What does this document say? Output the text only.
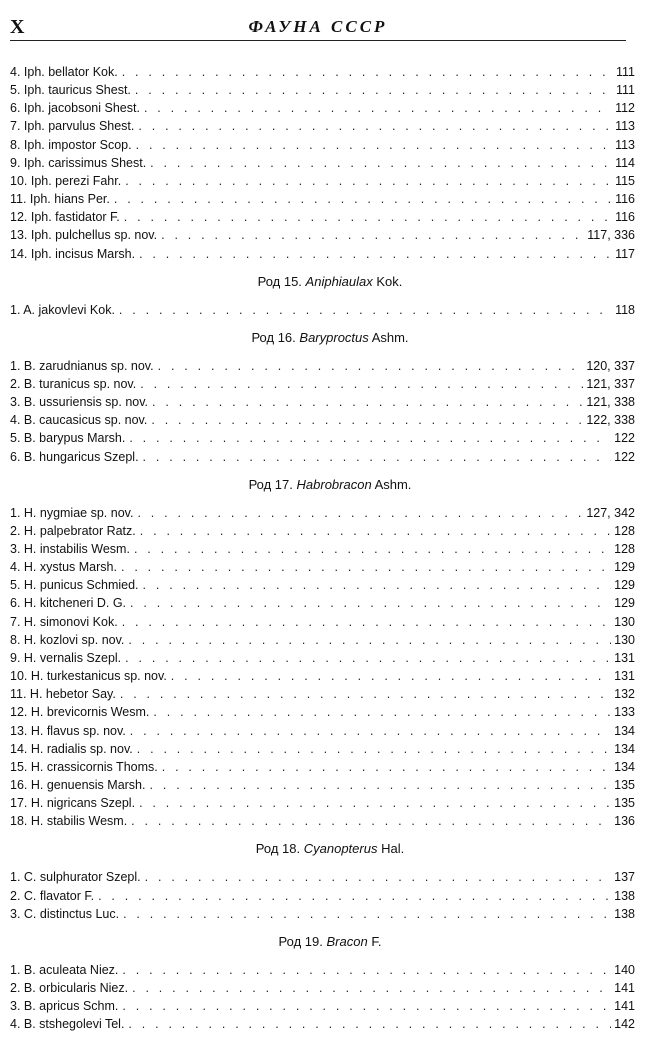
X	ФАУНА СССР
4. Iph. bellator Kok. . . .	111
5. Iph. tauricus Shest. . . .	111
6. Iph. jacobsoni Shest. . . .	112
7. Iph. parvulus Shest. . . .	113
8. Iph. impostor Scop. . . .	113
9. Iph. carissimus Shest. . . .	114
10. Iph. perezi Fahr. . . .	115
11. Iph. hians Per. . . .	116
12. Iph. fastidator F. . . .	116
13. Iph. pulchellus sp. nov. . . .	117, 336
14. Iph. incisus Marsh. . . .	117
Род 15. Aniphiaulax Kok.
1. A. jakovlevi Kok. . . .	118
Род 16. Baryproctus Ashm.
1. B. zarudnianus sp. nov. . . .	120, 337
2. B. turanicus sp. nov. . . .	121, 337
3. B. ussuriensis sp. nov. . . .	121, 338
4. B. caucasicus sp. nov. . . .	122, 338
5. B. barypus Marsh. . . .	122
6. B. hungaricus Szepl. . . .	122
Род 17. Habrobracon Ashm.
1. H. nygmiae sp. nov. . . .	127, 342
2. H. palpebrator Ratz. . . .	128
3. H. instabilis Wesm. . . .	128
4. H. xystus Marsh. . . .	129
5. H. punicus Schmied. . . .	129
6. H. kitcheneri D. G. . . .	129
7. H. simonovi Kok. . . .	130
8. H. kozlovi sp. nov. . . .	130
9. H. vernalis Szepl. . . .	131
10. H. turkestanicus sp. nov. . . .	131
11. H. hebetor Say. . . .	132
12. H. brevicornis Wesm. . . .	133
13. H. flavus sp. nov. . . .	134
14. H. radialis sp. nov. . . .	134
15. H. crassicornis Thoms. . . .	134
16. H. genuensis Marsh. . . .	135
17. H. nigricans Szepl. . . .	135
18. H. stabilis Wesm. . . .	136
Род 18. Cyanopterus Hal.
1. C. sulphurator Szepl. . . .	137
2. C. flavator F. . . .	138
3. C. distinctus Luc. . . .	138
Род 19. Bracon F.
1. B. aculeata Niez. . . .	140
2. B. orbicularis Niez. . . .	141
3. B. apricus Schm. . . .	141
4. B. stshegolevi Tel. . . .	142
